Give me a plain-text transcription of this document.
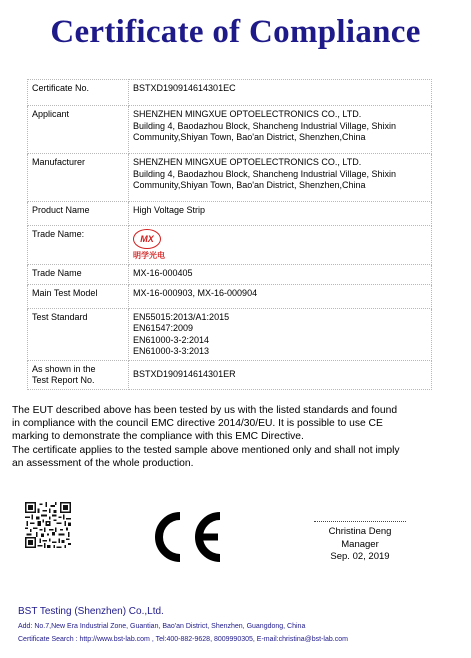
Certificate of Compliance
Certificate No.	BSTXD190914614301EC
Applicant	SHENZHEN MINGXUE OPTOELECTRONICS CO., LTD.
Building 4, Baodazhou Block, Shancheng Industrial Village, Shixin
Community,Shiyan Town, Bao'an District, Shenzhen,China

Manufacturer	SHENZHEN MINGXUE OPTOELECTRONICS CO., LTD.
Building 4, Baodazhou Block, Shancheng Industrial Village, Shixin
Community,Shiyan Town, Bao'an District, Shenzhen,China

Product Name	High Voltage Strip
Trade Name:	MX
明学光电

Trade Name	MX-16-000405
Main Test Model	MX-16-000903, MX-16-000904
Test Standard	EN55015:2013/A1:2015
EN61547:2009
EN61000-3-2:2014
EN61000-3-3:2013

As shown in the
Test Report No.	BSTXD190914614301ER
The EUT described above has been tested by us with the listed standards and found
in compliance with the council EMC directive 2014/30/EU. It is possible to use CE
marking to demonstrate the compliance with this EMC Directive.
The certificate applies to the tested sample above mentioned only and shall not imply
an assessment of the whole production.
Christina Deng
Manager
Sep. 02, 2019
BST Testing (Shenzhen) Co.,Ltd.
Add: No.7,New Era Industrial Zone, Guantian, Bao'an District, Shenzhen, Guangdong, China
Certificate Search : http://www.bst-lab.com , Tel:400-882-9628, 8009990305, E-mail:christina@bst-lab.com
